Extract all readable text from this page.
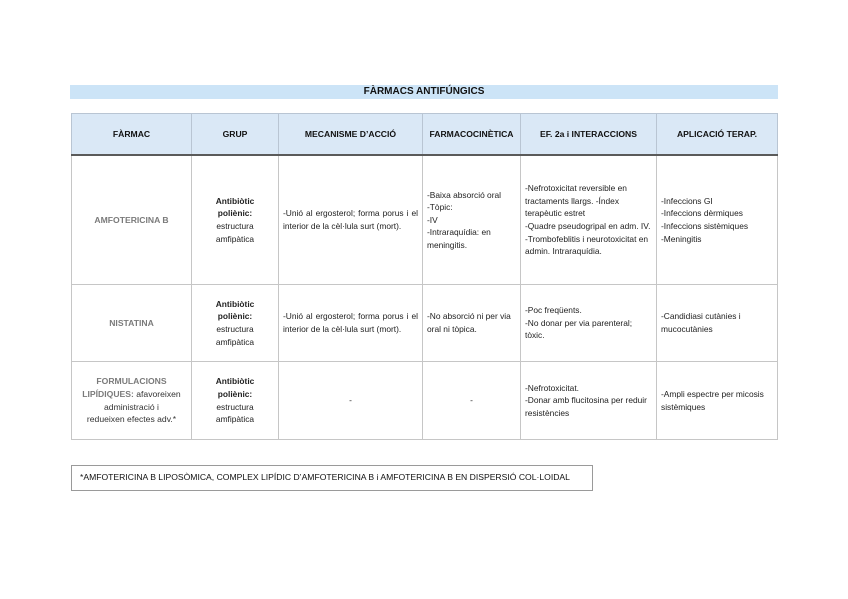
FÀRMACS ANTIFÚNGICS
FÀRMAC	GRUP	MECANISME D’ACCIÓ	FARMACOCINÈTICA	EF. 2a i INTERACCIONS	APLICACIÓ TERAP.
AMFOTERICINA B	Antibiòtic
poliènic:
estructura
amfipàtica	-Unió al ergosterol; forma porus i el interior de la cèl·lula surt (mort).	-Baixa absorció oral
-Tòpic:
-IV
-Intraraquídia: en meningitis.	-Nefrotoxicitat reversible en tractaments llargs. -Índex terapèutic estret
-Quadre pseudogripal en adm. IV.
-Trombofeblitis i neurotoxicitat en admin. Intraraquídia.	-Infeccions GI
-Infeccions dèrmiques
-Infeccions sistèmiques
-Meningitis

NISTATINA	Antibiòtic
poliènic:
estructura
amfipàtica	-Unió al ergosterol; forma porus i el interior de la cèl·lula surt (mort).	-No absorció ni per via oral ni tòpica.	-Poc freqüents.
-No donar per via parenteral; tòxic.	-Candidiasi cutànies i mucocutànies

FORMULACIONS
LIPÍDIQUES: afavoreixen
administració i
redueixen efectes adv.*	Antibiòtic
poliènic:
estructura
amfipàtica	-	-	-Nefrotoxicitat.
-Donar amb flucitosina per reduir resistències	-Ampli espectre per micosis sistèmiques
*AMFOTERICINA B LIPOSÒMICA, COMPLEX LIPÍDIC D’AMFOTERICINA B i AMFOTERICINA B EN DISPERSIÓ COL·LOIDAL
